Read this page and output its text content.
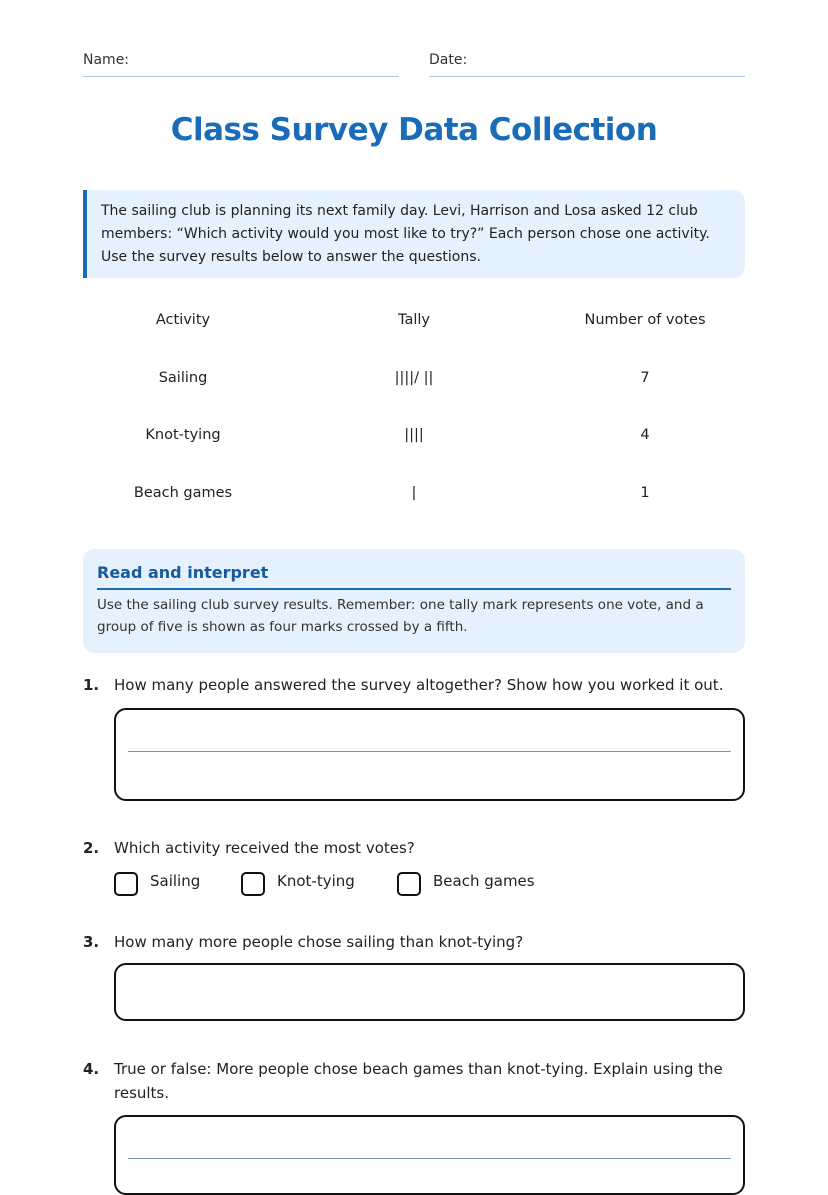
Name:	Date:
Class Survey Data Collection
The sailing club is planning its next family day. Levi, Harrison and Losa asked 12 club
members: “Which activity would you most like to try?” Each person chose one activity.
Use the survey results below to answer the questions.
Activity	Tally	Number of votes
Sailing	||||/ ||	7
Knot-tying	||||	4
Beach games	|	1
Read and interpret
Use the sailing club survey results. Remember: one tally mark represents one vote, and a
group of five is shown as four marks crossed by a fifth.
1. How many people answered the survey altogether? Show how you worked it out.
2. Which activity received the most votes?
Sailing	Knot-tying	Beach games
3. How many more people chose sailing than knot-tying?
4. True or false: More people chose beach games than knot-tying. Explain using the
results.
